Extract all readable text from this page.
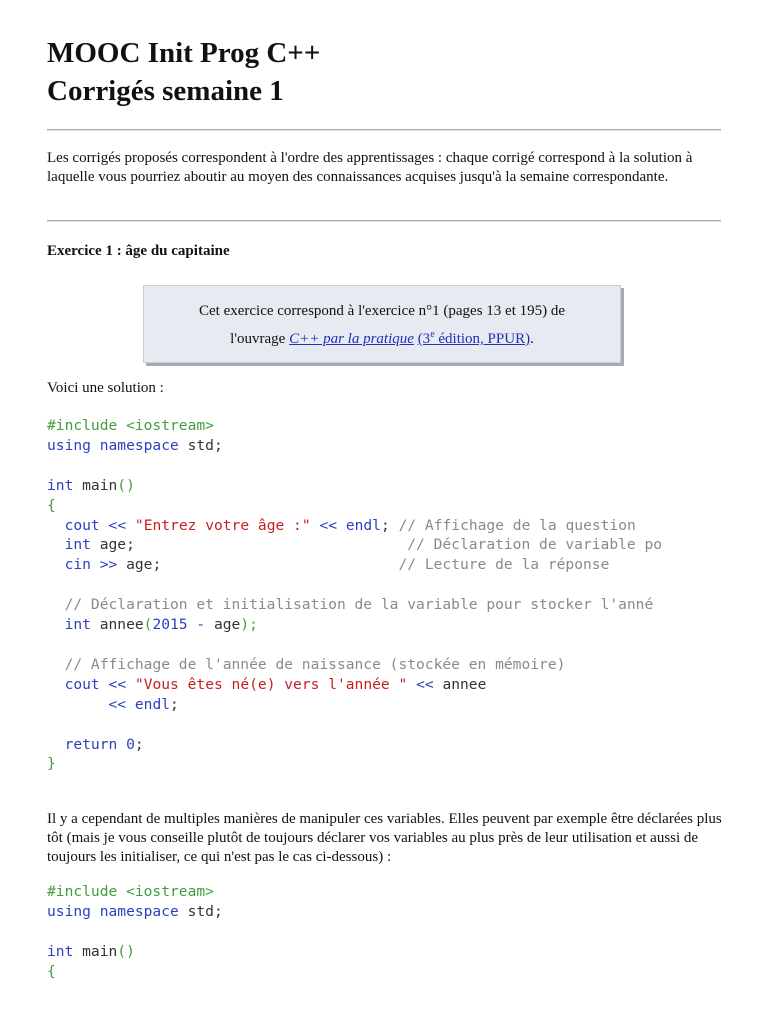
MOOC Init Prog C++
Corrigés semaine 1

Les corrigés proposés correspondent à l'ordre des apprentissages : chaque corrigé correspond à la solution à laquelle vous pourriez aboutir au moyen des connaissances acquises jusqu'à la semaine correspondante.

Exercice 1 : âge du capitaine

Cet exercice correspond à l'exercice n°1 (pages 13 et 195) de
l'ouvrage C++ par la pratique (3e édition, PPUR).

Voici une solution :

#include <iostream>
using namespace std;

int main()
{
cout << "Entrez votre âge :" << endl; // Affichage de la question
int age;	// Déclaration de variable po
cin >> age;	// Lecture de la réponse

// Déclaration et initialisation de la variable pour stocker l'anné
int annee(2015 - age);

// Affichage de l'année de naissance (stockée en mémoire)
cout << "Vous êtes né(e) vers l'année " << annee
<< endl;

return 0;
}

Il y a cependant de multiples manières de manipuler ces variables. Elles peuvent par exemple être déclarées plus tôt (mais je vous conseille plutôt de toujours déclarer vos variables au plus près de leur utilisation et aussi de toujours les initialiser, ce qui n'est pas le cas ci-dessous) :

#include <iostream>
using namespace std;

int main()
{
